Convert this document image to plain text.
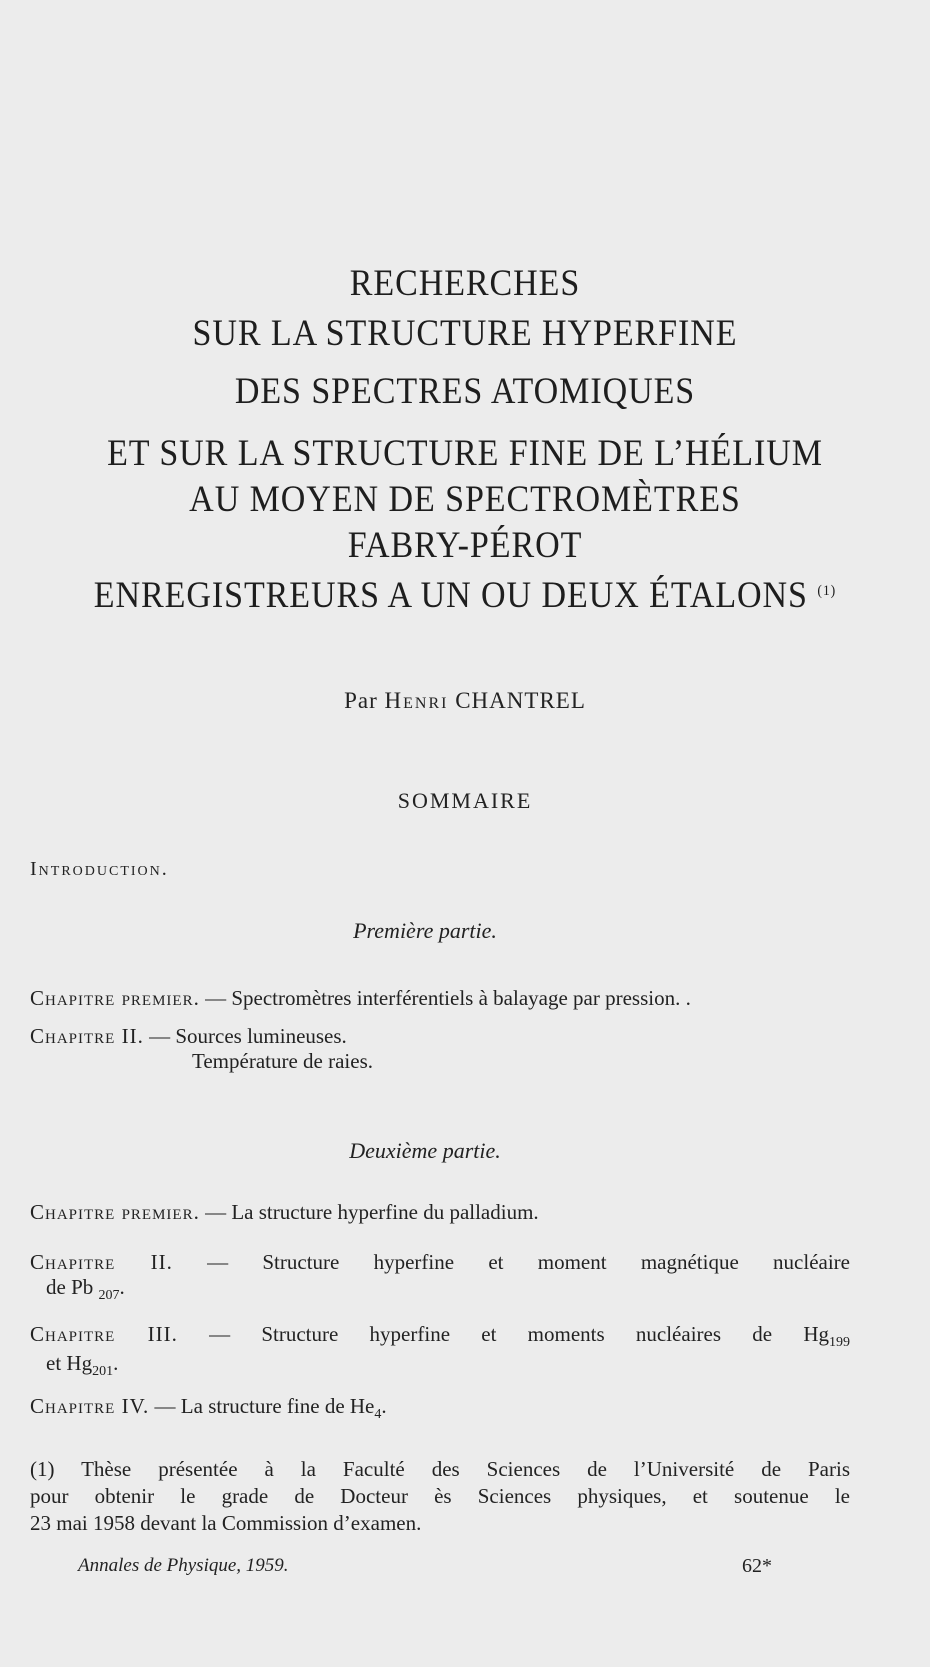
RECHERCHES
SUR LA STRUCTURE HYPERFINE
DES SPECTRES ATOMIQUES
ET SUR LA STRUCTURE FINE DE L’HÉLIUM
AU MOYEN DE SPECTROMÈTRES
FABRY-PÉROT
ENREGISTREURS A UN OU DEUX ÉTALONS $^{(1)}$
Par Henri CHANTREL
SOMMAIRE
Introduction.
Première partie.
Chapitre premier. — Spectromètres interférentiels à balayage par pression. .
Chapitre II. — Sources lumineuses.
Température de raies.
Deuxième partie.
Chapitre premier. — La structure hyperfine du palladium.
Chapitre II. — Structure hyperfine et moment magnétique nucléaire
de Pb $_{207}$.
Chapitre III. — Structure hyperfine et moments nucléaires de $Hg_{199}$
et $Hg_{201}$.
Chapitre IV. — La structure fine de $He_4$.
(1) Thèse présentée à la Faculté des Sciences de l’Université de Paris
pour obtenir le grade de Docteur ès Sciences physiques, et soutenue le
23 mai 1958 devant la Commission d’examen.
Annales de Physique, 1959.	62*
